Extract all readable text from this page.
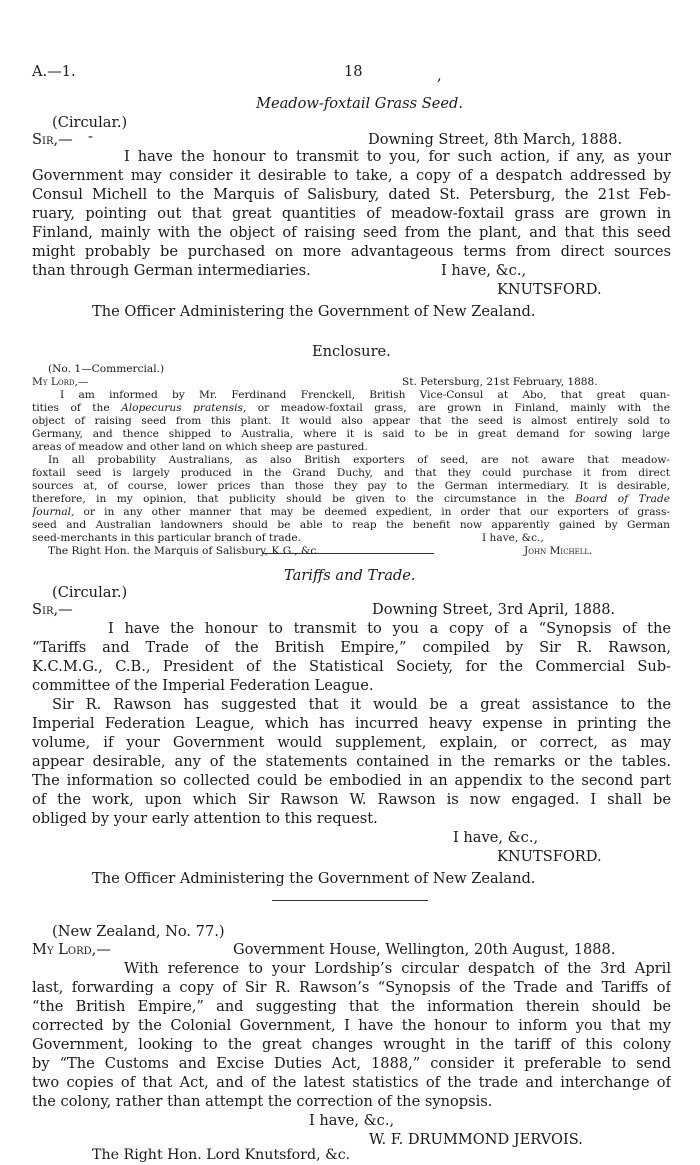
A.—1.	18	,
Meadow-foxtail Grass Seed.
(Circular.)
Sir,— -	Downing Street, 8th March, 1888.
I have the honour to transmit to you, for such action, if any, as your
Government may consider it desirable to take, a copy of a despatch addressed by
Consul Michell to the Marquis of Salisbury, dated St. Petersburg, the 21st Feb-
ruary, pointing out that great quantities of meadow-foxtail grass are grown in
Finland, mainly with the object of raising seed from the plant, and that this seed
might probably be purchased on more advantageous terms from direct sources
than through German intermediaries.	I have, &c.,
KNUTSFORD.
The Officer Administering the Government of New Zealand.
Enclosure.
(No. 1—Commercial.)
My Lord,—	St. Petersburg, 21st February, 1888.
I am informed by Mr. Ferdinand Frenckell, British Vice-Consul at Abo, that great quan-
tities of the Alopecurus pratensis, or meadow-foxtail grass, are grown in Finland, mainly with the
object of raising seed from this plant. It would also appear that the seed is almost entirely sold to
Germany, and thence shipped to Australia, where it is said to be in great demand for sowing large
areas of meadow and other land on which sheep are pastured.
In all probability Australians, as also British exporters of seed, are not aware that meadow-
foxtail seed is largely produced in the Grand Duchy, and that they could purchase it from direct
sources at, of course, lower prices than those they pay to the German intermediary. It is desirable,
therefore, in my opinion, that publicity should be given to the circumstance in the Board of Trade
Journal, or in any other manner that may be deemed expedient, in order that our exporters of grass-
seed and Australian landowners should be able to reap the benefit now apparently gained by German
seed-merchants in this particular branch of trade.	I have, &c.,
The Right Hon. the Marquis of Salisbury, K.G., &c.	John Michell.
Tariffs and Trade.
(Circular.)
Sir,—	Downing Street, 3rd April, 1888.
I have the honour to transmit to you a copy of a “Synopsis of the
“Tariffs and Trade of the British Empire,” compiled by Sir R. Rawson,
K.C.M.G., C.B., President of the Statistical Society, for the Commercial Sub-
committee of the Imperial Federation League.
Sir R. Rawson has suggested that it would be a great assistance to the
Imperial Federation League, which has incurred heavy expense in printing the
volume, if your Government would supplement, explain, or correct, as may
appear desirable, any of the statements contained in the remarks or the tables.
The information so collected could be embodied in an appendix to the second part
of the work, upon which Sir Rawson W. Rawson is now engaged. I shall be
obliged by your early attention to this request.
I have, &c.,
KNUTSFORD.
The Officer Administering the Government of New Zealand.
(New Zealand, No. 77.)
My Lord,—	Government House, Wellington, 20th August, 1888.
With reference to your Lordship’s circular despatch of the 3rd April
last, forwarding a copy of Sir R. Rawson’s “Synopsis of the Trade and Tariffs of
“the British Empire,” and suggesting that the information therein should be
corrected by the Colonial Government, I have the honour to inform you that my
Government, looking to the great changes wrought in the tariff of this colony
by “The Customs and Excise Duties Act, 1888,” consider it preferable to send
two copies of that Act, and of the latest statistics of the trade and interchange of
the colony, rather than attempt the correction of the synopsis.
I have, &c.,
W. F. DRUMMOND JERVOIS.
The Right Hon. Lord Knutsford, &c.
